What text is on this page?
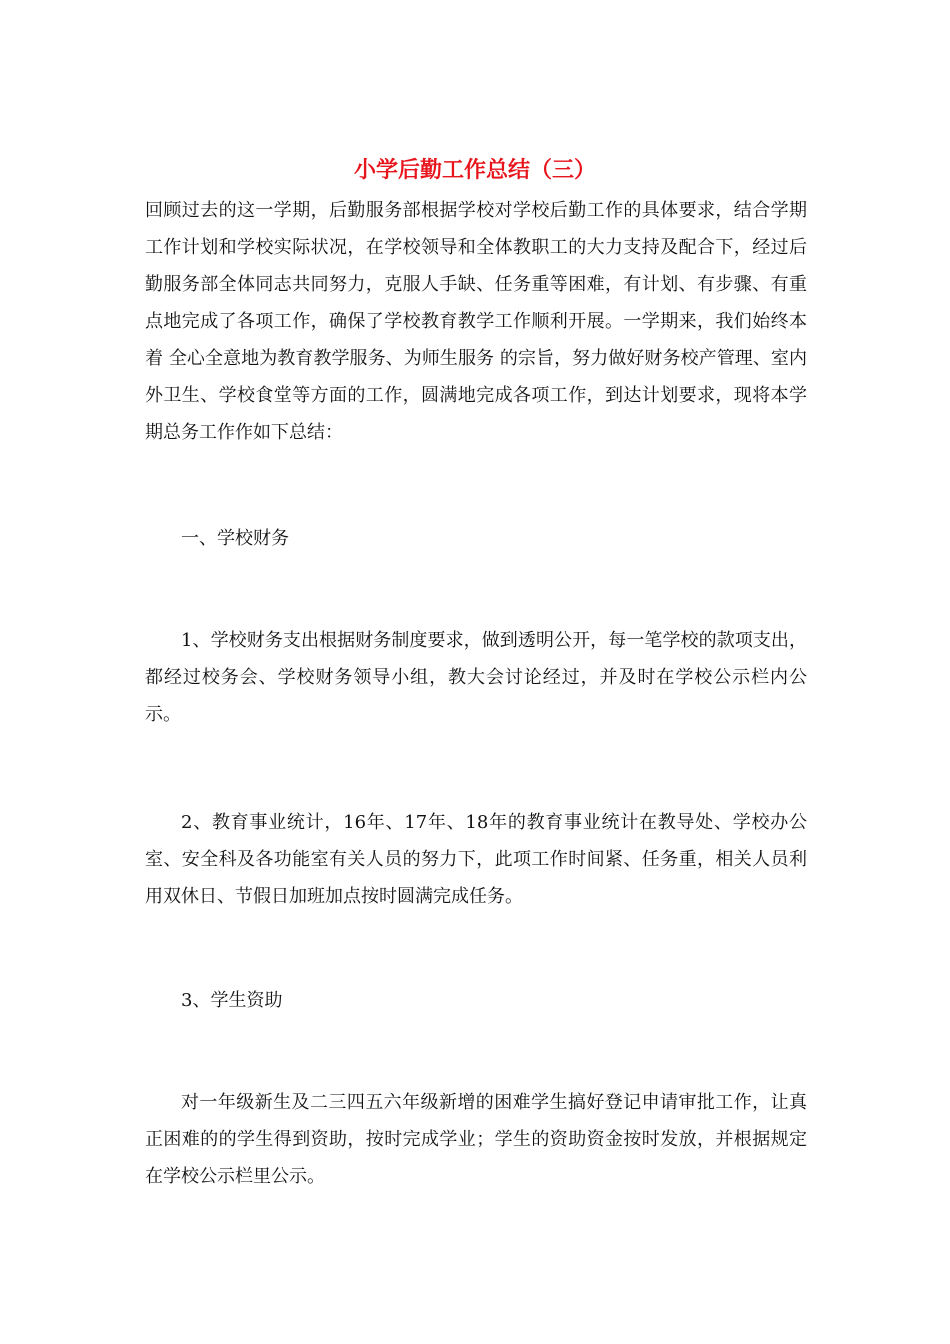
小学后勤工作总结（三）

回顾过去的这一学期，后勤服务部根据学校对学校后勤工作的具体要求，结合学期工作计划和学校实际状况，在学校领导和全体教职工的大力支持及配合下，经过后勤服务部全体同志共同努力，克服人手缺、任务重等困难，有计划、有步骤、有重点地完成了各项工作，确保了学校教育教学工作顺利开展。一学期来，我们始终本着 全心全意地为教育教学服务、为师生服务 的宗旨，努力做好财务校产管理、室内外卫生、学校食堂等方面的工作，圆满地完成各项工作，到达计划要求，现将本学期总务工作作如下总结：

一、学校财务

1、学校财务支出根据财务制度要求，做到透明公开，每一笔学校的款项支出，都经过校务会、学校财务领导小组，教大会讨论经过，并及时在学校公示栏内公示。

2、教育事业统计，16年、17年、18年的教育事业统计在教导处、学校办公室、安全科及各功能室有关人员的努力下，此项工作时间紧、任务重，相关人员利用双休日、节假日加班加点按时圆满完成任务。

3、学生资助

对一年级新生及二三四五六年级新增的困难学生搞好登记申请审批工作，让真正困难的的学生得到资助，按时完成学业；学生的资助资金按时发放，并根据规定在学校公示栏里公示。
